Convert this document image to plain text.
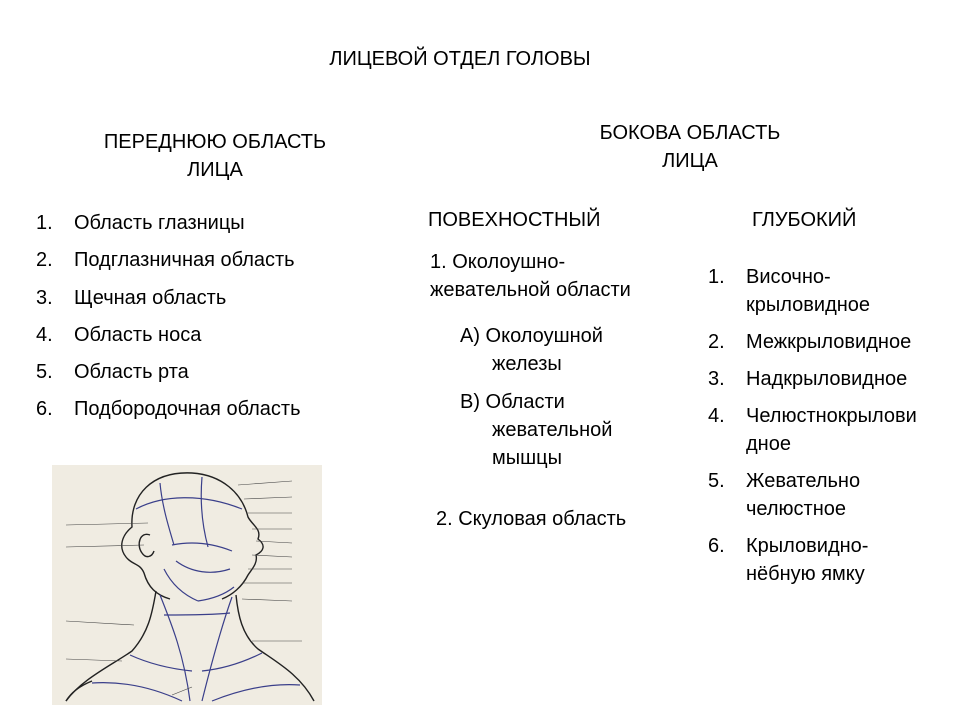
ЛИЦЕВОЙ ОТДЕЛ ГОЛОВЫ
ПЕРЕДНЮЮ ОБЛАСТЬ
ЛИЦА
1. Область глазницы
2. Подглазничная область
3. Щечная область
4. Область носа
5. Область рта
6. Подбородочная область
БОКОВА ОБЛАСТЬ
ЛИЦА
ПОВЕХНОСТНЫЙ
1. Околоушно-
жевательной области
А) Околоушной
железы
В) Области
жевательной
мышцы
2. Скуловая область
ГЛУБОКИЙ
1. Височно-
крыловидное
2. Межкрыловидное
3. Надкрыловидное
4. Челюстнокрылови
дное
5. Жевательно
челюстное
6. Крыловидно-
нёбную ямку
